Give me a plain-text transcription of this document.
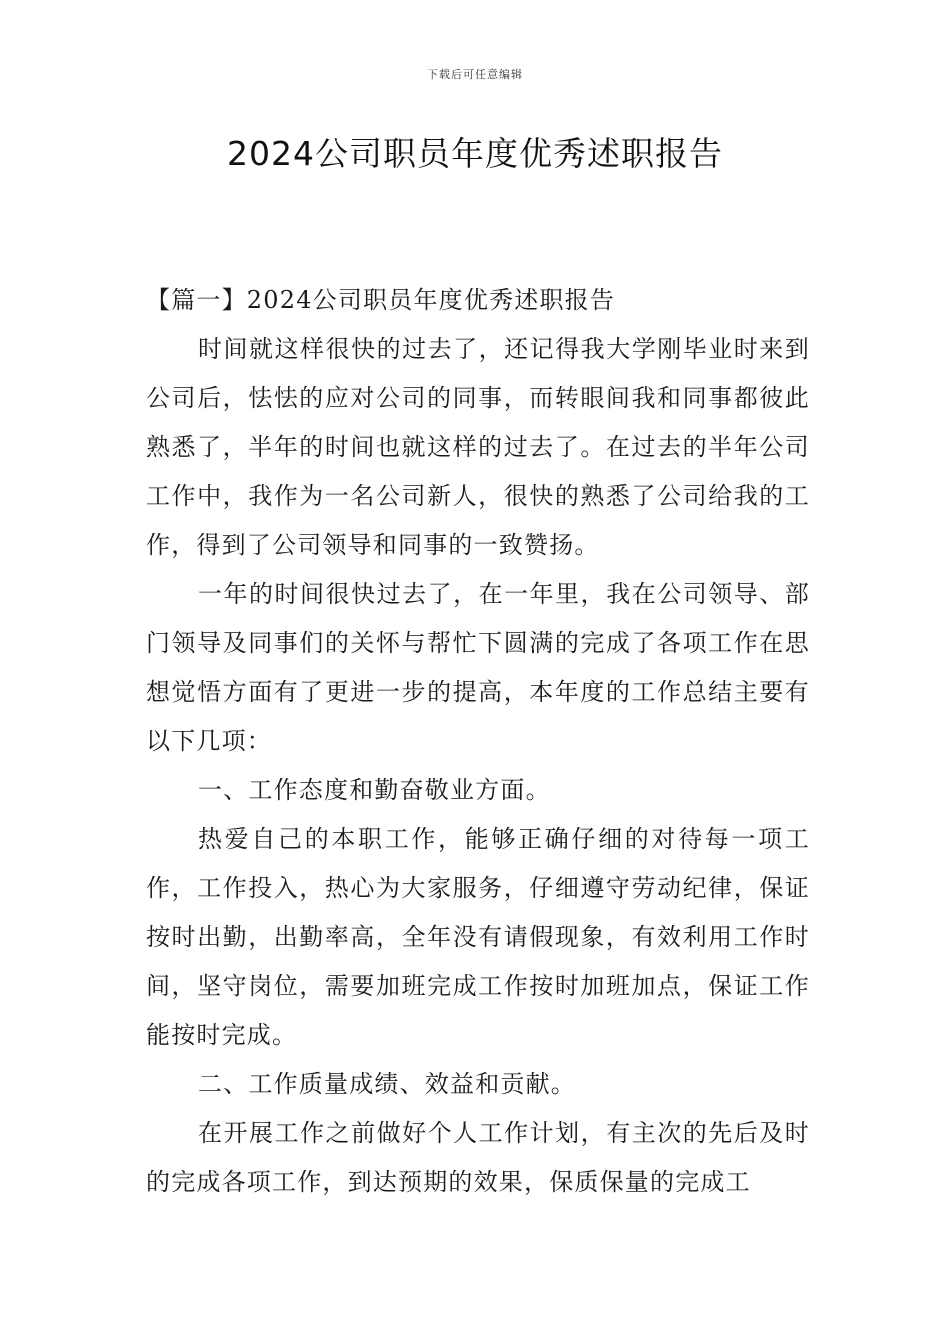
下载后可任意编辑
2024公司职员年度优秀述职报告

【篇一】2024公司职员年度优秀述职报告

时间就这样很快的过去了，还记得我大学刚毕业时来到公司后，怯怯的应对公司的同事，而转眼间我和同事都彼此熟悉了，半年的时间也就这样的过去了。在过去的半年公司工作中，我作为一名公司新人，很快的熟悉了公司给我的工作，得到了公司领导和同事的一致赞扬。

一年的时间很快过去了，在一年里，我在公司领导、部门领导及同事们的关怀与帮忙下圆满的完成了各项工作在思想觉悟方面有了更进一步的提高，本年度的工作总结主要有以下几项：

一、工作态度和勤奋敬业方面。

热爱自己的本职工作，能够正确仔细的对待每一项工作，工作投入，热心为大家服务，仔细遵守劳动纪律，保证按时出勤，出勤率高，全年没有请假现象，有效利用工作时间，坚守岗位，需要加班完成工作按时加班加点，保证工作能按时完成。

二、工作质量成绩、效益和贡献。

在开展工作之前做好个人工作计划，有主次的先后及时的完成各项工作，到达预期的效果，保质保量的完成工
